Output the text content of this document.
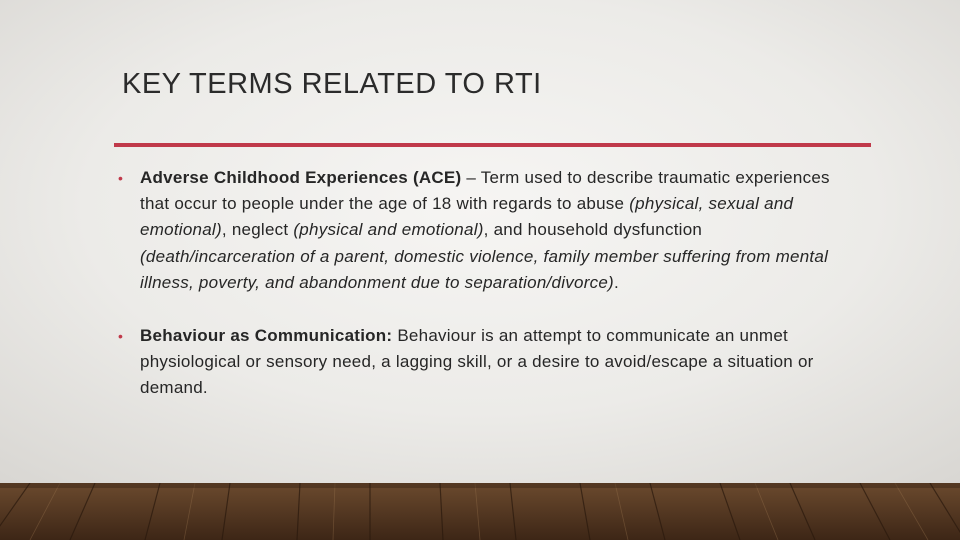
KEY TERMS RELATED TO RTI
• Adverse Childhood Experiences (ACE) – Term used to describe traumatic experiences that occur to people under the age of 18 with regards to abuse (physical, sexual and emotional), neglect (physical and emotional), and household dysfunction (death/incarceration of a parent, domestic violence, family member suffering from mental illness, poverty, and abandonment due to separation/divorce).
• Behaviour as Communication: Behaviour is an attempt to communicate an unmet physiological or sensory need, a lagging skill, or a desire to avoid/escape a situation or demand.
